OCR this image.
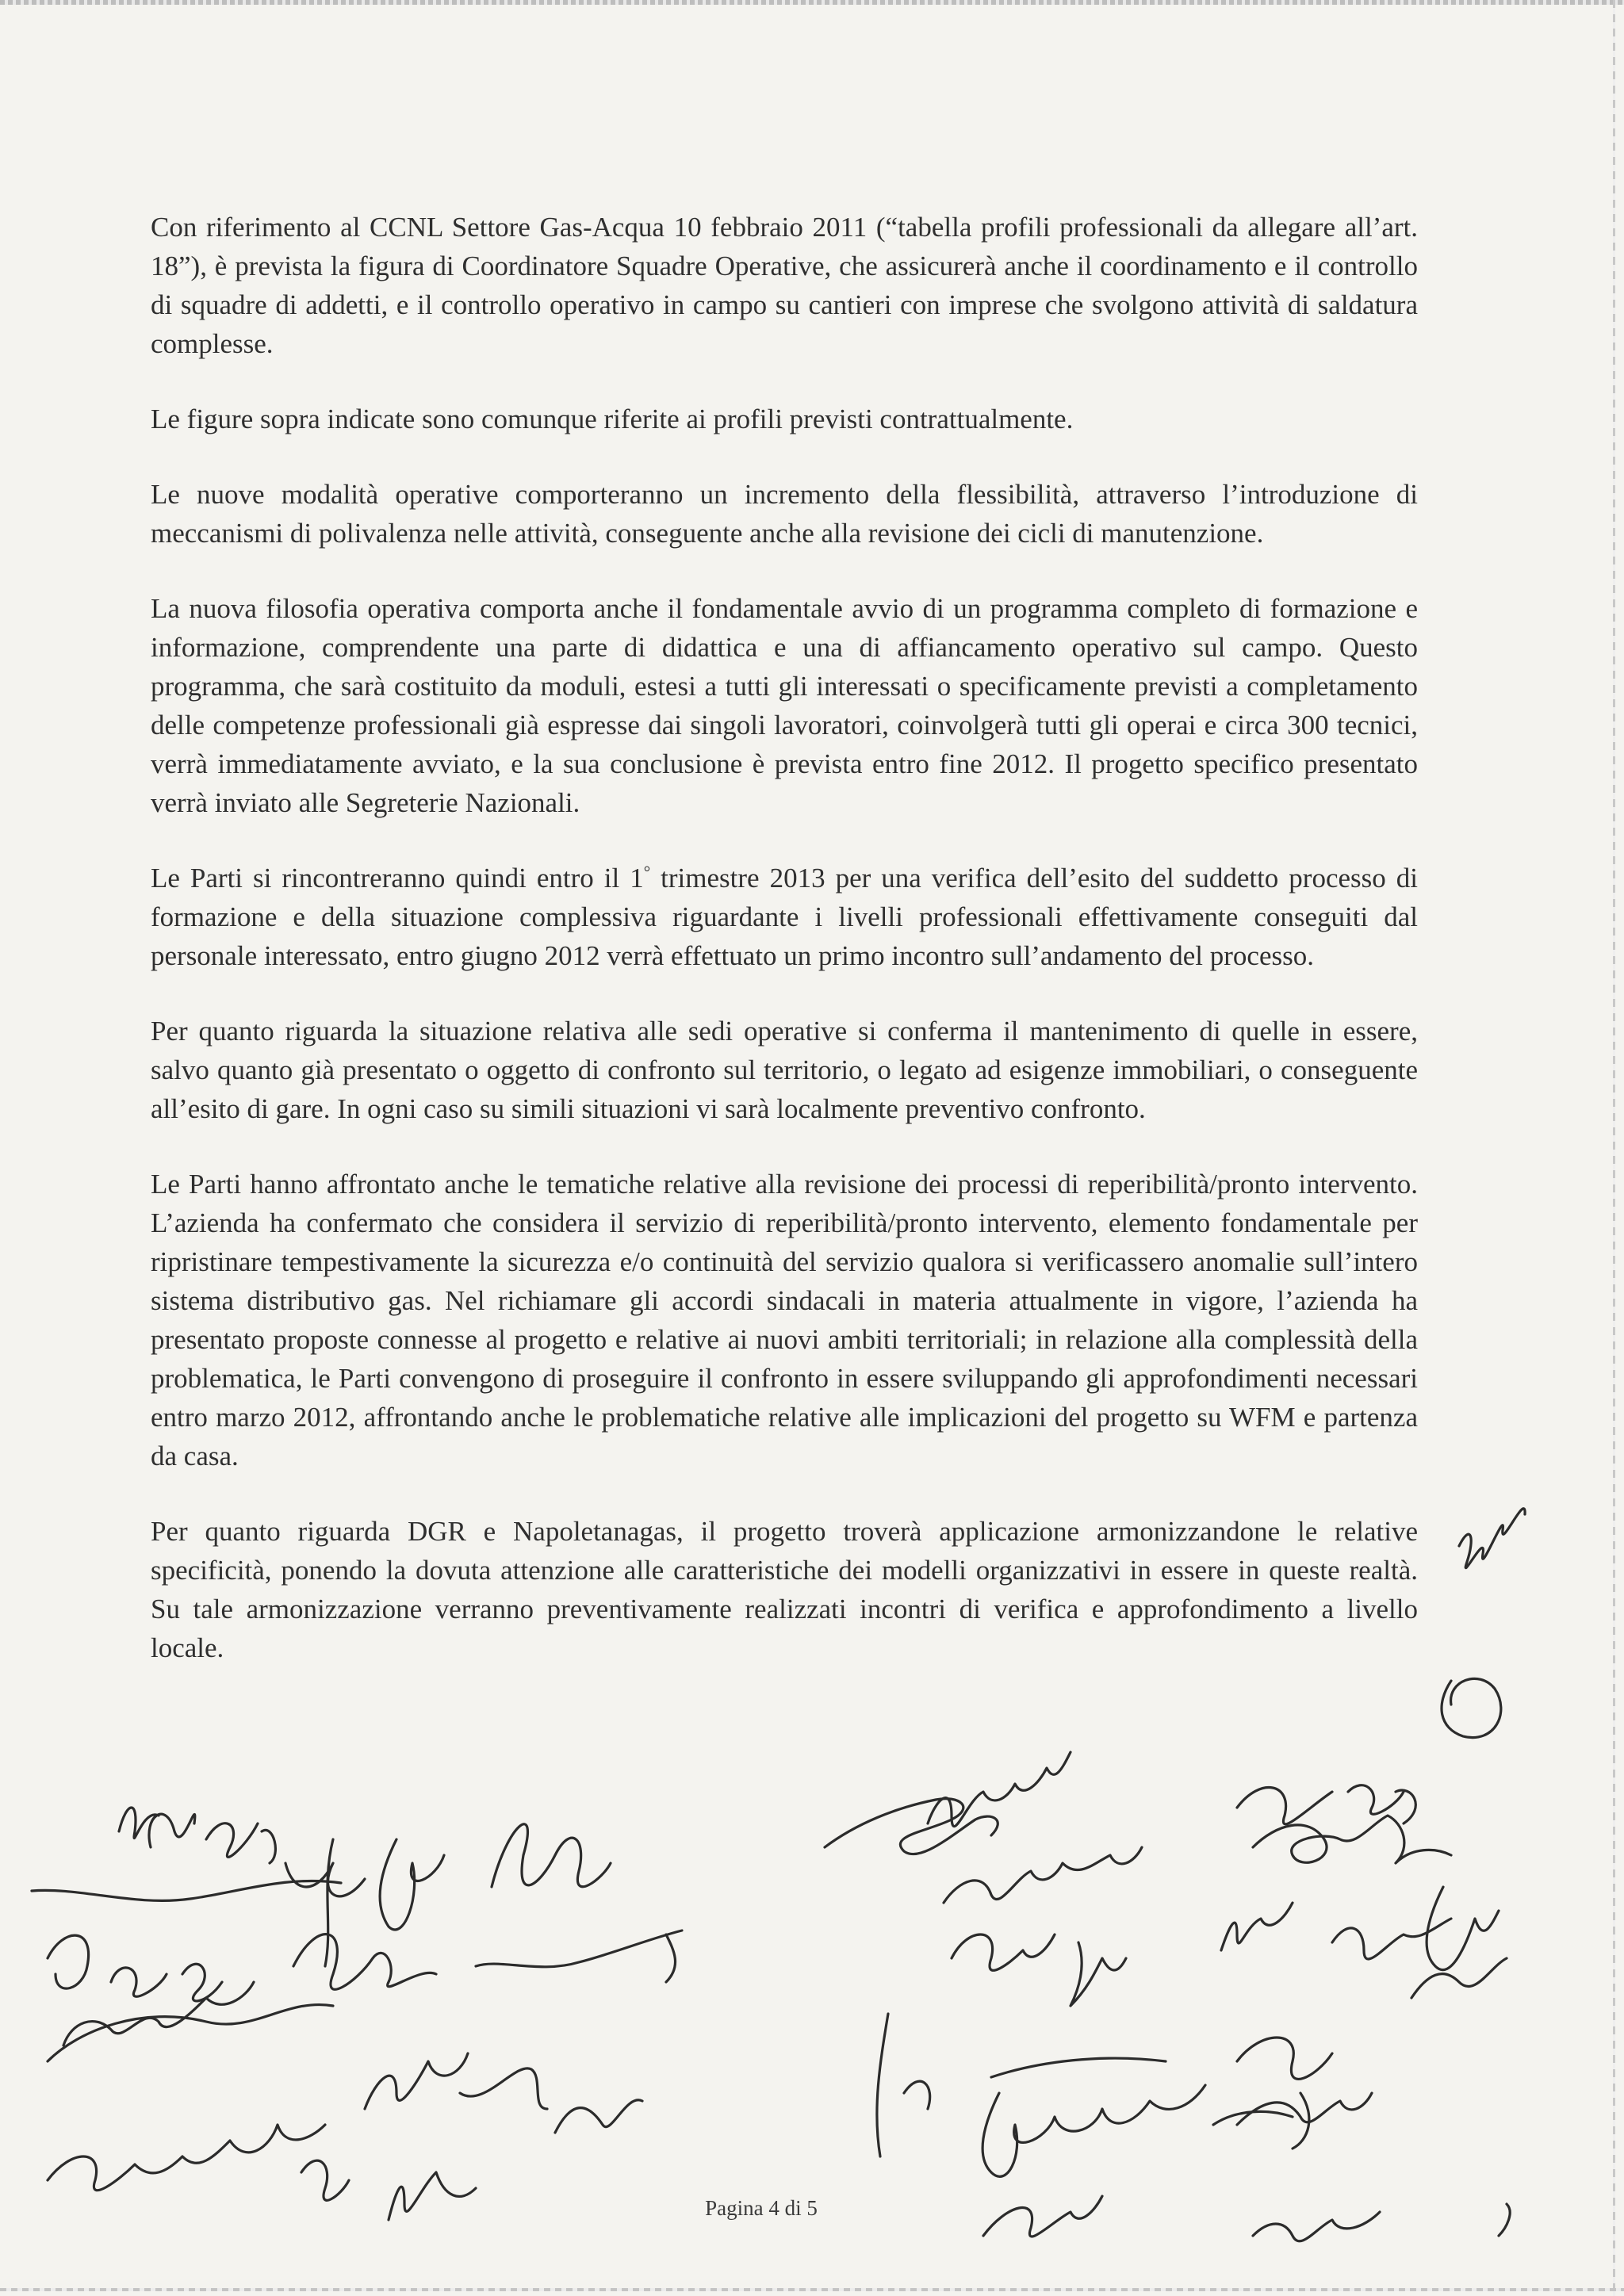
Con riferimento al CCNL Settore Gas-Acqua 10 febbraio 2011 (“tabella profili professionali da allegare all’art. 18”), è prevista la figura di Coordinatore Squadre Operative, che assicurerà anche il coordinamento e il controllo di squadre di addetti, e il controllo operativo in campo su cantieri con imprese che svolgono attività di saldatura complesse.

Le figure sopra indicate sono comunque riferite ai profili previsti contrattualmente.

Le nuove modalità operative comporteranno un incremento della flessibilità, attraverso l’introduzione di meccanismi di polivalenza nelle attività, conseguente anche alla revisione dei cicli di manutenzione.

La nuova filosofia operativa comporta anche il fondamentale avvio di un programma completo di formazione e informazione, comprendente una parte di didattica e una di affiancamento operativo sul campo. Questo programma, che sarà costituito da moduli, estesi a tutti gli interessati o specificamente previsti a completamento delle competenze professionali già espresse dai singoli lavoratori, coinvolgerà tutti gli operai e circa 300 tecnici, verrà immediatamente avviato, e la sua conclusione è prevista entro fine 2012. Il progetto specifico presentato verrà inviato alle Segreterie Nazionali.

Le Parti si rincontreranno quindi entro il 1° trimestre 2013 per una verifica dell’esito del suddetto processo di formazione e della situazione complessiva riguardante i livelli professionali effettivamente conseguiti dal personale interessato, entro giugno 2012 verrà effettuato un primo incontro sull’andamento del processo.

Per quanto riguarda la situazione relativa alle sedi operative si conferma il mantenimento di quelle in essere, salvo quanto già presentato o oggetto di confronto sul territorio, o legato ad esigenze immobiliari, o conseguente all’esito di gare. In ogni caso su simili situazioni vi sarà localmente preventivo confronto.

Le Parti hanno affrontato anche le tematiche relative alla revisione dei processi di reperibilità/pronto intervento. L’azienda ha confermato che considera il servizio di reperibilità/pronto intervento, elemento fondamentale per ripristinare tempestivamente la sicurezza e/o continuità del servizio qualora si verificassero anomalie sull’intero sistema distributivo gas. Nel richiamare gli accordi sindacali in materia attualmente in vigore, l’azienda ha presentato proposte connesse al progetto e relative ai nuovi ambiti territoriali; in relazione alla complessità della problematica, le Parti convengono di proseguire il confronto in essere sviluppando gli approfondimenti necessari entro marzo 2012, affrontando anche le problematiche relative alle implicazioni del progetto su WFM e partenza da casa.

Per quanto riguarda DGR e Napoletanagas, il progetto troverà applicazione armonizzandone le relative specificità, ponendo la dovuta attenzione alle caratteristiche dei modelli organizzativi in essere in queste realtà. Su tale armonizzazione verranno preventivamente realizzati incontri di verifica e approfondimento a livello locale.

Pagina 4 di 5
